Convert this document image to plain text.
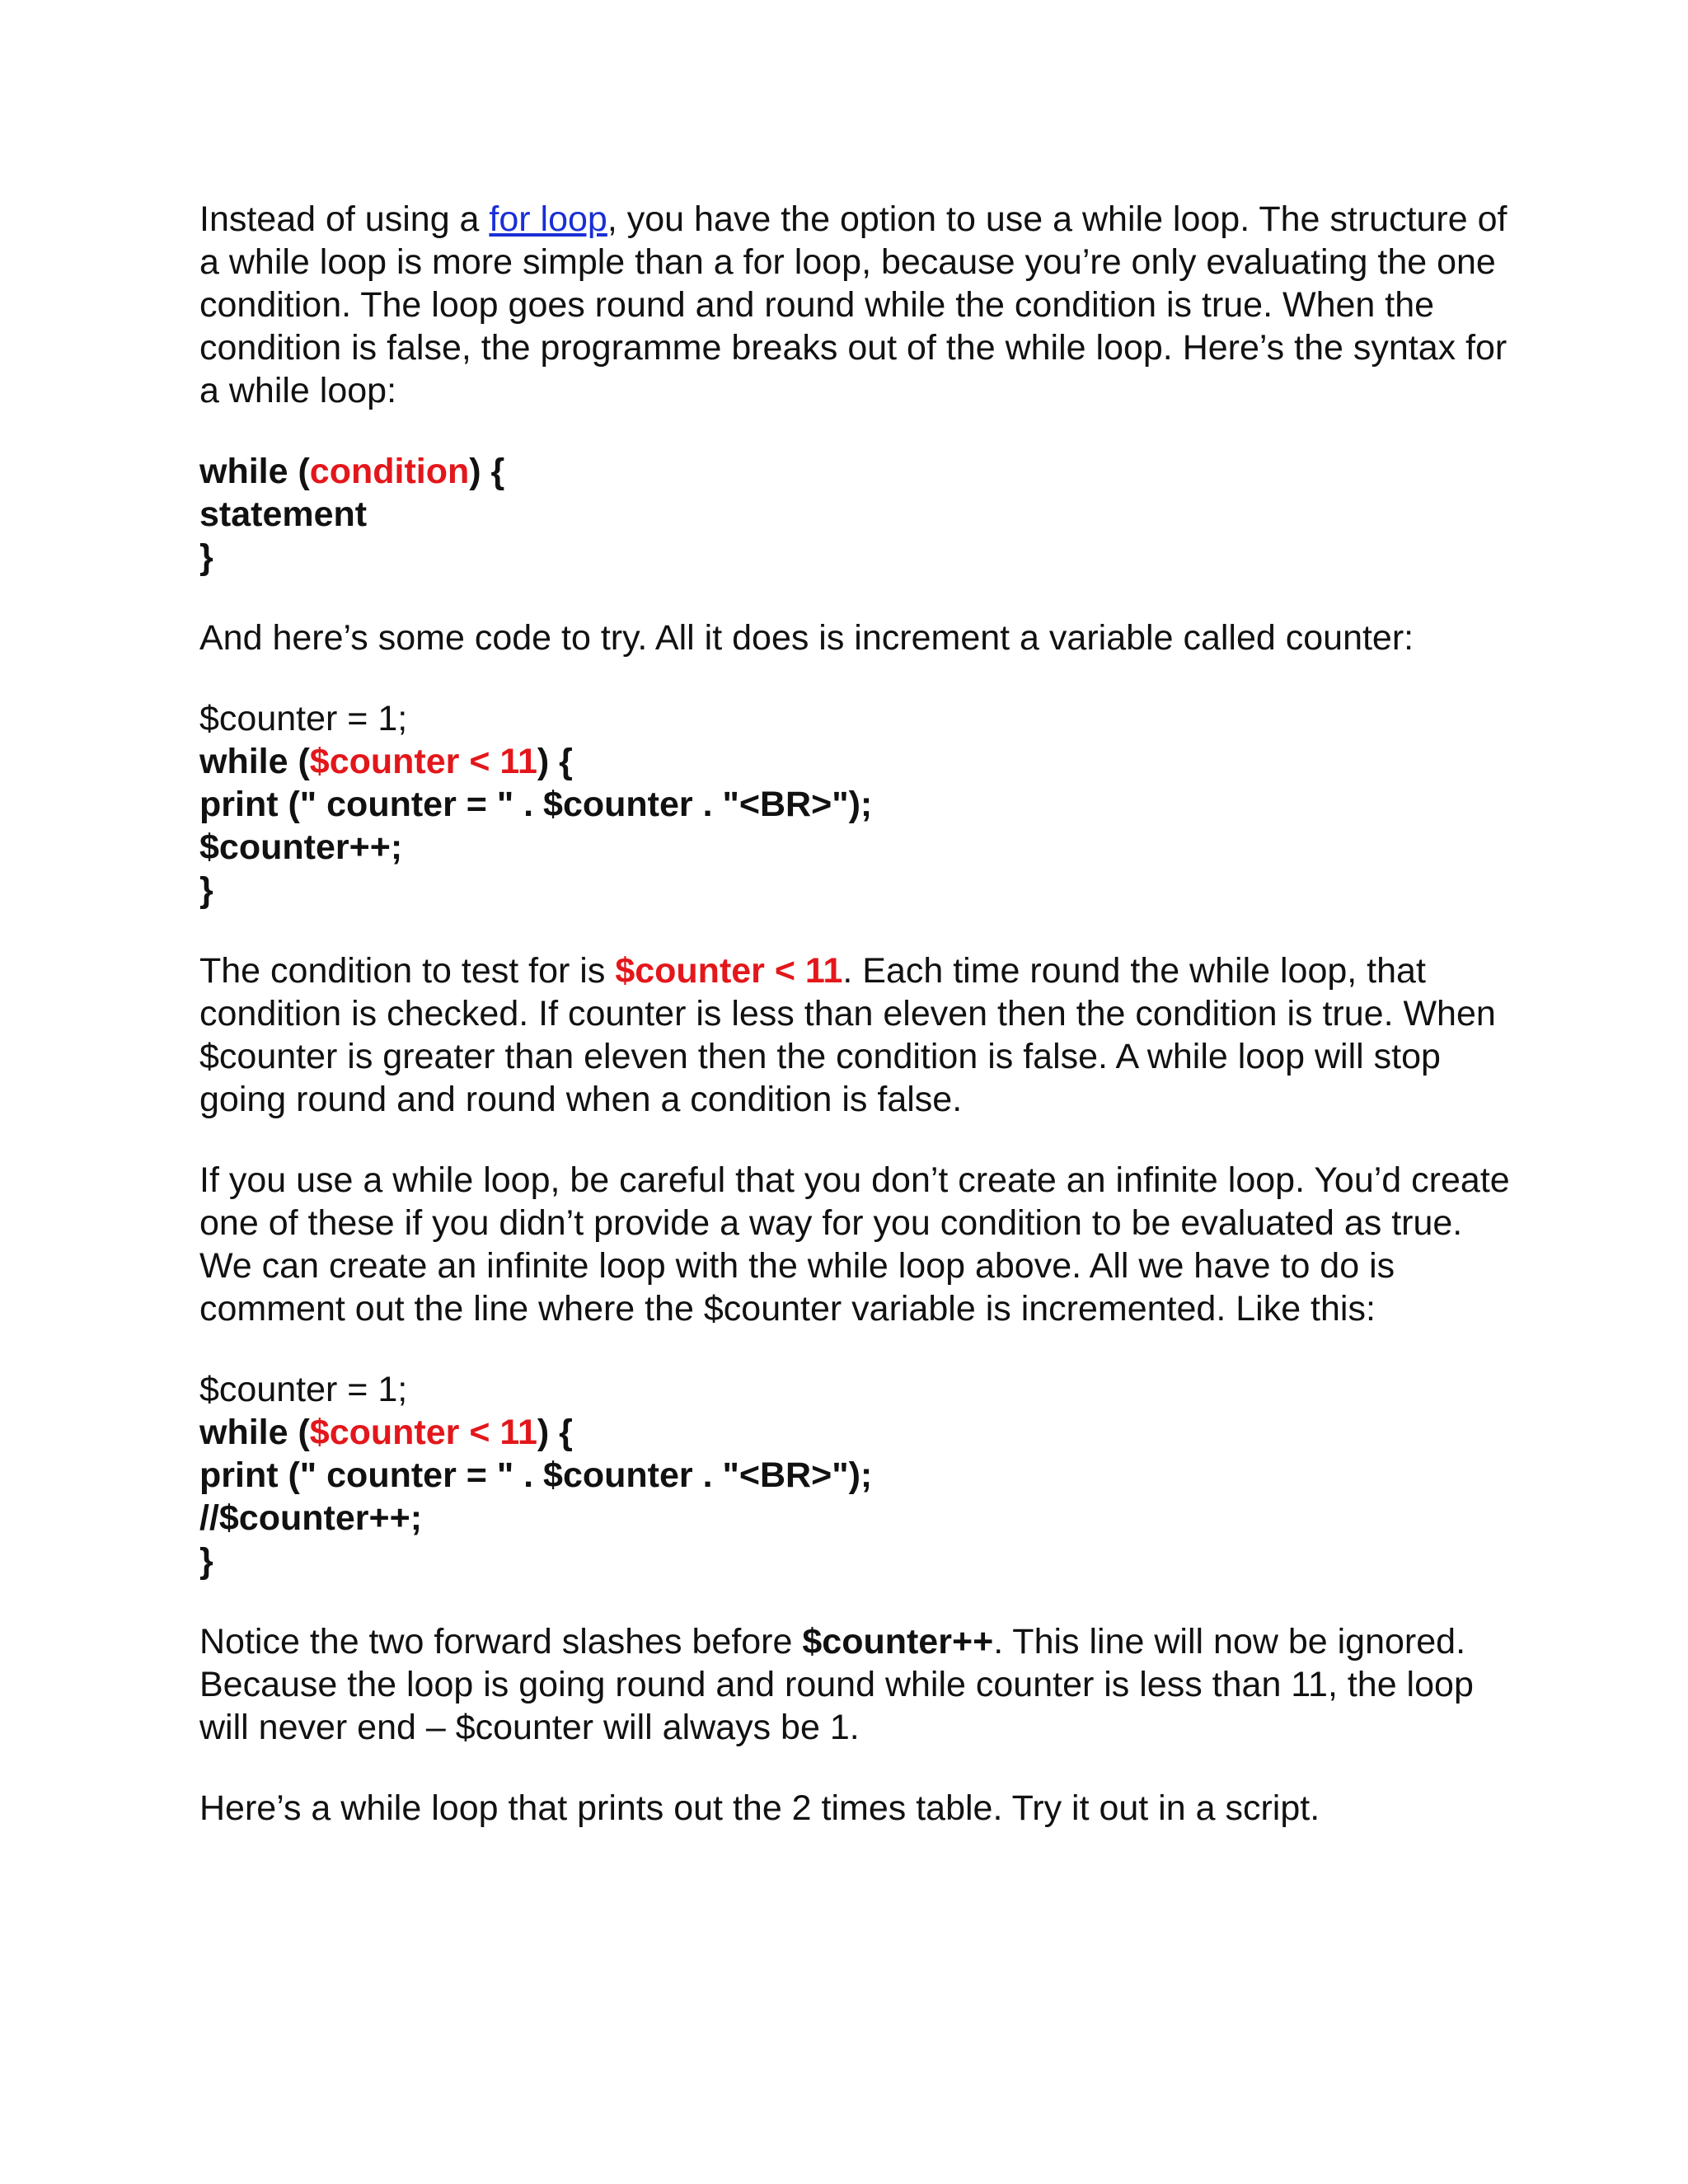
Instead of using a for loop, you have the option to use a while loop. The structure of a while loop is more simple than a for loop, because you’re only evaluating the one condition. The loop goes round and round while the condition is true. When the condition is false, the programme breaks out of the while loop. Here’s the syntax for a while loop:

while (condition) {
statement
}

And here’s some code to try. All it does is increment a variable called counter:

$counter = 1;
while ($counter < 11) {
print (" counter = " . $counter . "<BR>");
$counter++;
}

The condition to test for is $counter < 11. Each time round the while loop, that condition is checked. If counter is less than eleven then the condition is true. When $counter is greater than eleven then the condition is false. A while loop will stop going round and round when a condition is false.

If you use a while loop, be careful that you don’t create an infinite loop. You’d create one of these if you didn’t provide a way for you condition to be evaluated as true. We can create an infinite loop with the while loop above. All we have to do is comment out the line where the $counter variable is incremented. Like this:

$counter = 1;
while ($counter < 11) {
print (" counter = " . $counter . "<BR>");
//$counter++;
}

Notice the two forward slashes before $counter++. This line will now be ignored. Because the loop is going round and round while counter is less than 11, the loop will never end – $counter will always be 1.

Here’s a while loop that prints out the 2 times table. Try it out in a script.
